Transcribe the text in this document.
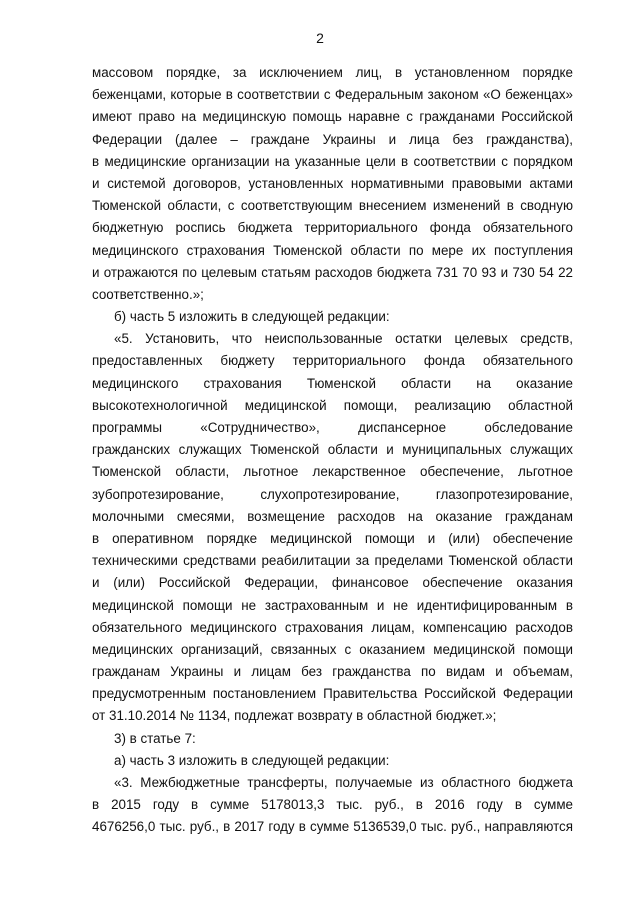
2
массовом порядке, за исключением лиц, в установленном порядке
беженцами, которые в соответствии с Федеральным законом «О беженцах»
имеют право на медицинскую помощь наравне с гражданами Российской
Федерации (далее – граждане Украины и лица без гражданства),
в медицинские организации на указанные цели в соответствии с порядком
и системой договоров, установленных нормативными правовыми актами
Тюменской области, с соответствующим внесением изменений в сводную
бюджетную роспись бюджета территориального фонда обязательного
медицинского страхования Тюменской области по мере их поступления
и отражаются по целевым статьям расходов бюджета 731 70 93 и 730 54 22
соответственно.»;
б) часть 5 изложить в следующей редакции:
«5. Установить, что неиспользованные остатки целевых средств,
предоставленных бюджету территориального фонда обязательного
медицинского страхования Тюменской области на оказание
высокотехнологичной медицинской помощи, реализацию областной
программы «Сотрудничество», диспансерное обследование
гражданских служащих Тюменской области и муниципальных служащих
Тюменской области, льготное лекарственное обеспечение, льготное
зубопротезирование, слухопротезирование, глазопротезирование,
молочными смесями, возмещение расходов на оказание гражданам
в оперативном порядке медицинской помощи и (или) обеспечение
техническими средствами реабилитации за пределами Тюменской области
и (или) Российской Федерации, финансовое обеспечение оказания
медицинской помощи не застрахованным и не идентифицированным в
обязательного медицинского страхования лицам, компенсацию расходов
медицинских организаций, связанных с оказанием медицинской помощи
гражданам Украины и лицам без гражданства по видам и объемам,
предусмотренным постановлением Правительства Российской Федерации
от 31.10.2014 № 1134, подлежат возврату в областной бюджет.»;
3) в статье 7:
а) часть 3 изложить в следующей редакции:
«3. Межбюджетные трансферты, получаемые из областного бюджета
в 2015 году в сумме 5178013,3 тыс. руб., в 2016 году в сумме
4676256,0 тыс. руб., в 2017 году в сумме 5136539,0 тыс. руб., направляются
